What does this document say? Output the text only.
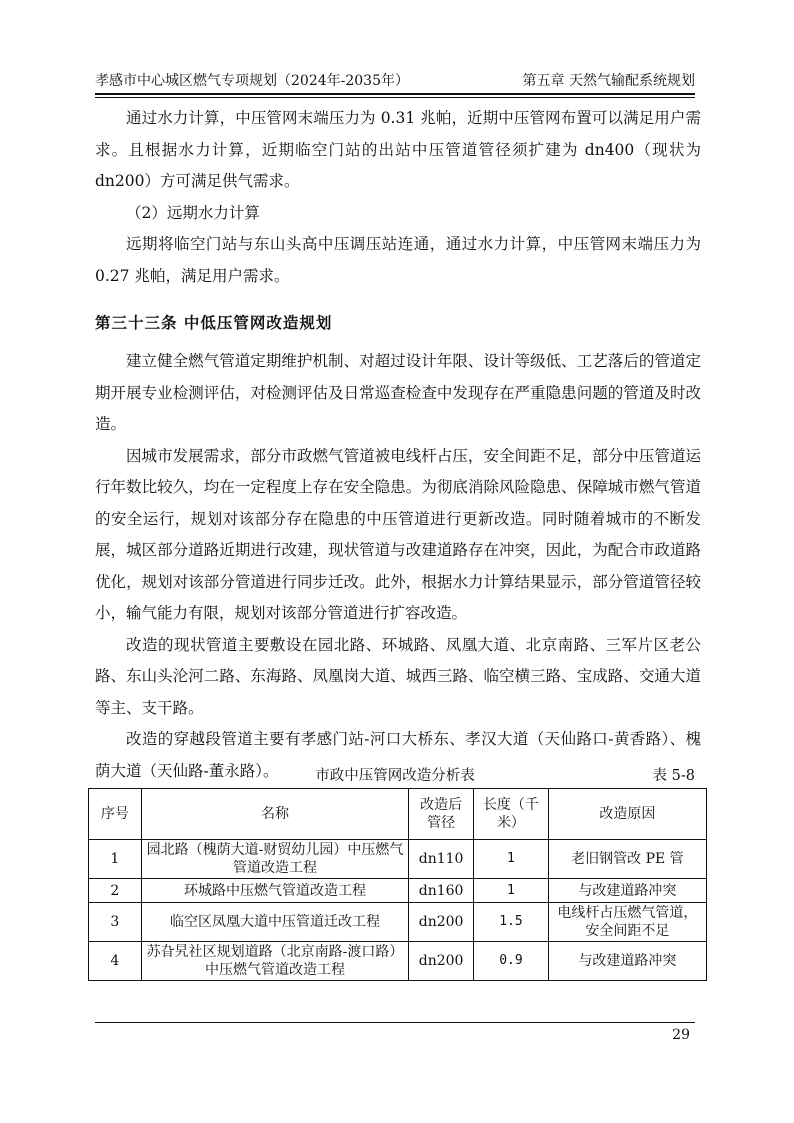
孝感市中心城区燃气专项规划（2024年-2035年）	第五章 天然气输配系统规划

通过水力计算，中压管网末端压力为 0.31 兆帕，近期中压管网布置可以满足用户需求。且根据水力计算，近期临空门站的出站中压管道管径须扩建为 dn400（现状为 dn200）方可满足供气需求。

（2）远期水力计算

远期将临空门站与东山头高中压调压站连通，通过水力计算，中压管网末端压力为 0.27 兆帕，满足用户需求。

第三十三条 中低压管网改造规划

建立健全燃气管道定期维护机制、对超过设计年限、设计等级低、工艺落后的管道定期开展专业检测评估，对检测评估及日常巡查检查中发现存在严重隐患问题的管道及时改造。

因城市发展需求，部分市政燃气管道被电线杆占压，安全间距不足，部分中压管道运行年数比较久，均在一定程度上存在安全隐患。为彻底消除风险隐患、保障城市燃气管道的安全运行，规划对该部分存在隐患的中压管道进行更新改造。同时随着城市的不断发展，城区部分道路近期进行改建，现状管道与改建道路存在冲突，因此，为配合市政道路优化，规划对该部分管道进行同步迁改。此外，根据水力计算结果显示，部分管道管径较小，输气能力有限，规划对该部分管道进行扩容改造。

改造的现状管道主要敷设在园北路、环城路、凤凰大道、北京南路、三军片区老公路、东山头沦河二路、东海路、凤凰岗大道、城西三路、临空横三路、宝成路、交通大道等主、支干路。

改造的穿越段管道主要有孝感门站-河口大桥东、孝汉大道（天仙路口-黄香路）、槐荫大道（天仙路-董永路）。	市政中压管网改造分析表	表 5-8
序号	名称	改造后管径	长度（千米）	改造原因
1	园北路（槐荫大道-财贸幼儿园）中压燃气管道改造工程	dn110	1	老旧钢管改 PE 管
2	环城路中压燃气管道改造工程	dn160	1	与改建道路冲突
3	临空区凤凰大道中压管道迁改工程	dn200	1.5	电线杆占压燃气管道，安全间距不足
4	苏旮旯社区规划道路（北京南路-渡口路）中压燃气管道改造工程	dn200	0.9	与改建道路冲突
29
